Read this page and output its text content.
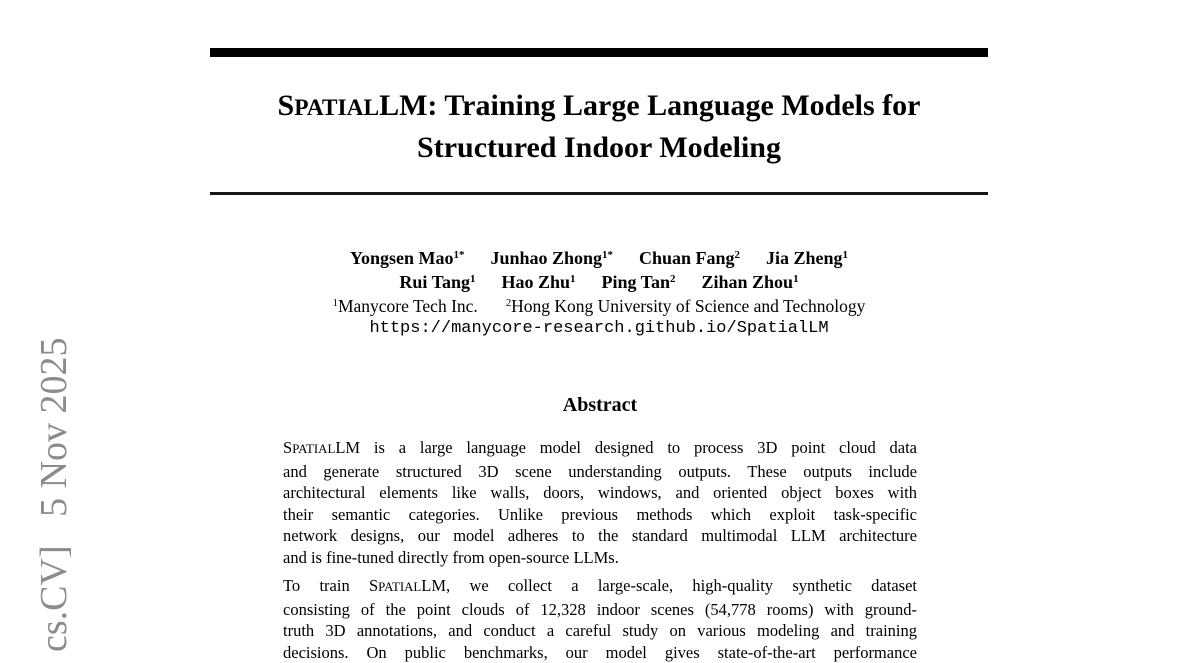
cs.CV]   5 Nov 2025
SPATIALLM: Training Large Language Models for
Structured Indoor Modeling
Yongsen Mao$^{1*}$ Junhao Zhong$^{1*}$ Chuan Fang$^2$ Jia Zheng$^1$
Rui Tang$^1$ Hao Zhu$^1$ Ping Tan$^2$ Zihan Zhou$^1$
$^1$Manycore Tech Inc.	$^2$Hong Kong University of Science and Technology
https://manycore-research.github.io/SpatialLM
Abstract
SPATIALLM is a large language model designed to process 3D point cloud data
and generate structured 3D scene understanding outputs. These outputs include
architectural elements like walls, doors, windows, and oriented object boxes with
their semantic categories. Unlike previous methods which exploit task-specific
network designs, our model adheres to the standard multimodal LLM architecture
and is fine-tuned directly from open-source LLMs.
To train SPATIALLM, we collect a large-scale, high-quality synthetic dataset
consisting of the point clouds of 12,328 indoor scenes (54,778 rooms) with ground-
truth 3D annotations, and conduct a careful study on various modeling and training
decisions. On public benchmarks, our model gives state-of-the-art performance
